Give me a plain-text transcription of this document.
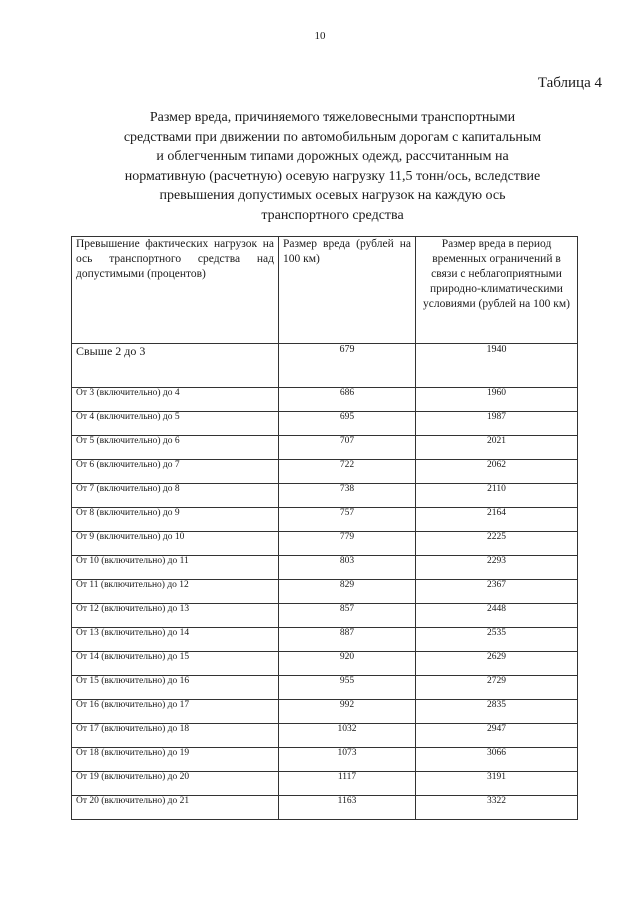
10
Таблица 4
Размер вреда, причиняемого тяжеловесными транспортными средствами при движении по автомобильным дорогам с капитальным и облегченным типами дорожных одежд, рассчитанным на нормативную (расчетную) осевую нагрузку 11,5 тонн/ось, вследствие превышения допустимых осевых нагрузок на каждую ось транспортного средства
Превышение фактических нагрузок на ось транспортного средства над допустимыми (процентов)	Размер вреда (рублей на 100 км)	Размер вреда в период временных ограничений в связи с неблагоприятными природно-климатическими условиями (рублей на 100 км)
Свыше 2 до 3	679	1940
От 3 (включительно) до 4	686	1960
От 4 (включительно) до 5	695	1987
От 5 (включительно) до 6	707	2021
От 6 (включительно) до 7	722	2062
От 7 (включительно) до 8	738	2110
От 8 (включительно) до 9	757	2164
От 9 (включительно) до 10	779	2225
От 10 (включительно) до 11	803	2293
От 11 (включительно) до 12	829	2367
От 12 (включительно) до 13	857	2448
От 13 (включительно) до 14	887	2535
От 14 (включительно) до 15	920	2629
От 15 (включительно) до 16	955	2729
От 16 (включительно) до 17	992	2835
От 17 (включительно) до 18	1032	2947
От 18 (включительно) до 19	1073	3066
От 19 (включительно) до 20	1117	3191
От 20 (включительно) до 21	1163	3322
